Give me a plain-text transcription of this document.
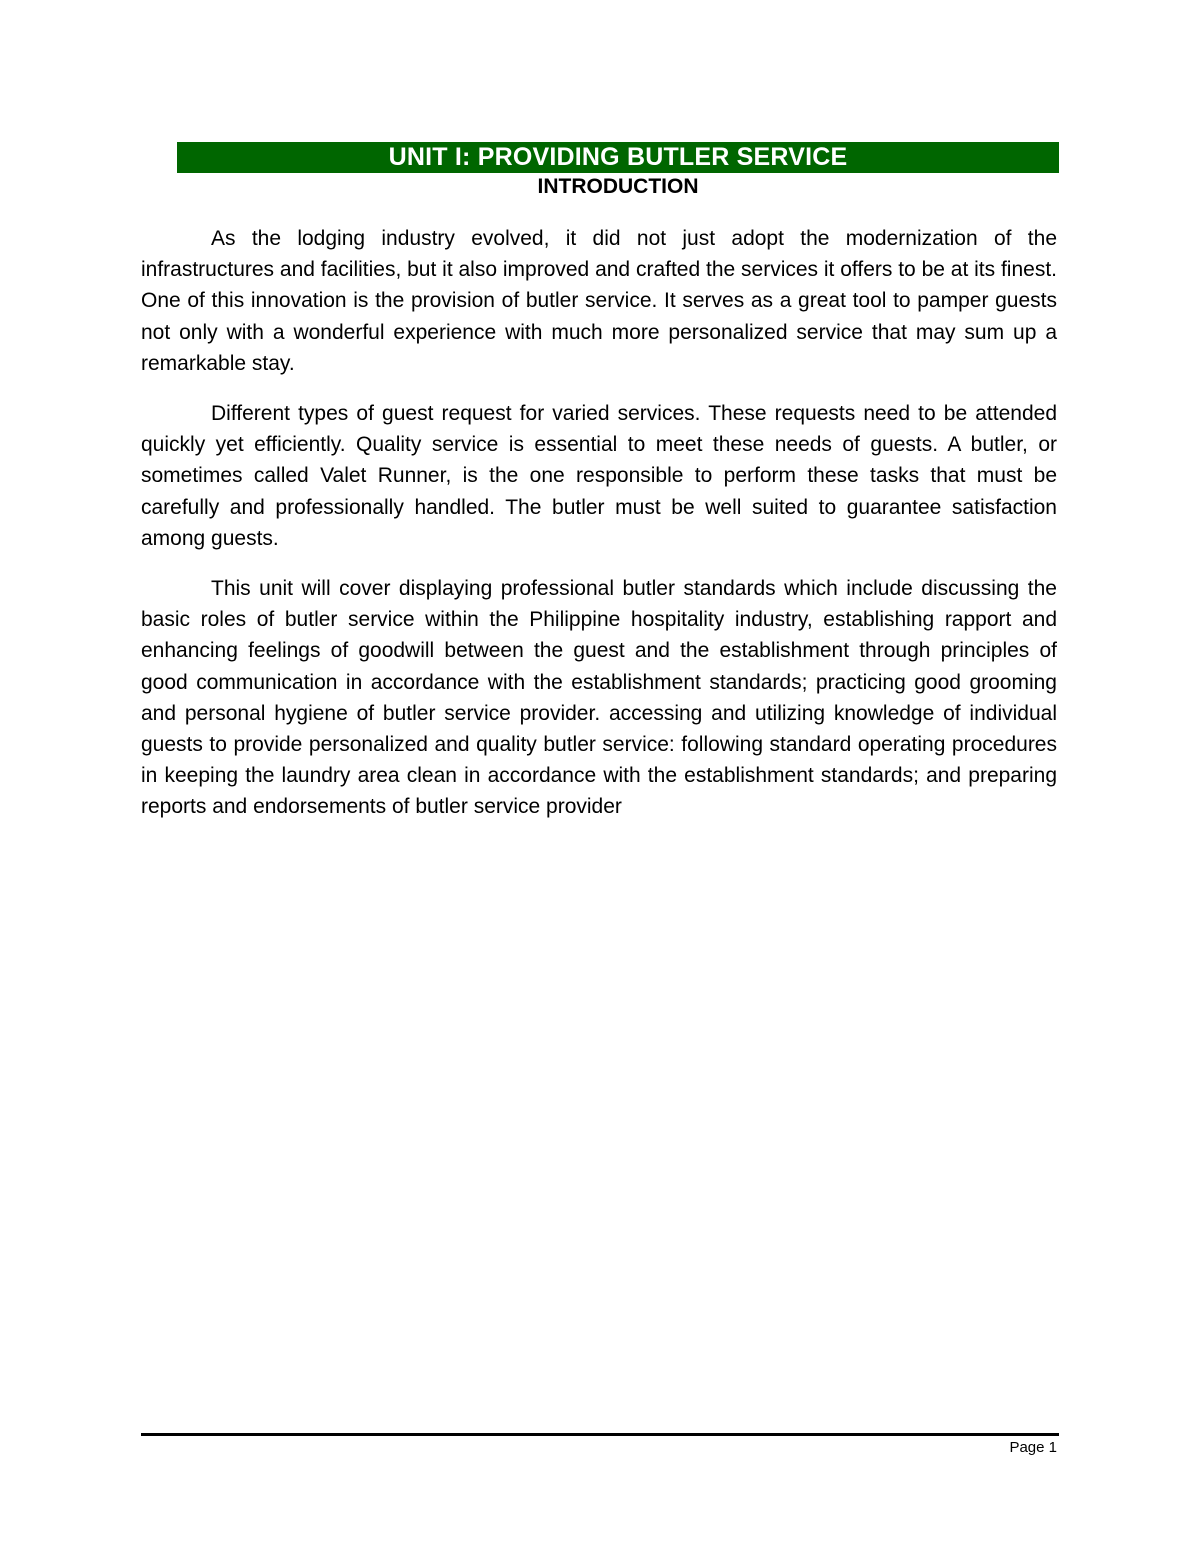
UNIT I: PROVIDING BUTLER SERVICE
INTRODUCTION

As the lodging industry evolved, it did not just adopt the modernization of the infrastructures and facilities, but it also improved and crafted the services it offers to be at its finest. One of this innovation is the provision of butler service. It serves as a great tool to pamper guests not only with a wonderful experience with much more personalized service that may sum up a remarkable stay.

Different types of guest request for varied services. These requests need to be attended quickly yet efficiently. Quality service is essential to meet these needs of guests. A butler, or sometimes called Valet Runner, is the one responsible to perform these tasks that must be carefully and professionally handled. The butler must be well suited to guarantee satisfaction among guests.

This unit will cover displaying professional butler standards which include discussing the basic roles of butler service within the Philippine hospitality industry, establishing rapport and enhancing feelings of goodwill between the guest and the establishment through principles of good communication in accordance with the establishment standards; practicing good grooming and personal hygiene of butler service provider. accessing and utilizing knowledge of individual guests to provide personalized and quality butler service: following standard operating procedures in keeping the laundry area clean in accordance with the establishment standards; and preparing reports and endorsements of butler service provider

Page 1
